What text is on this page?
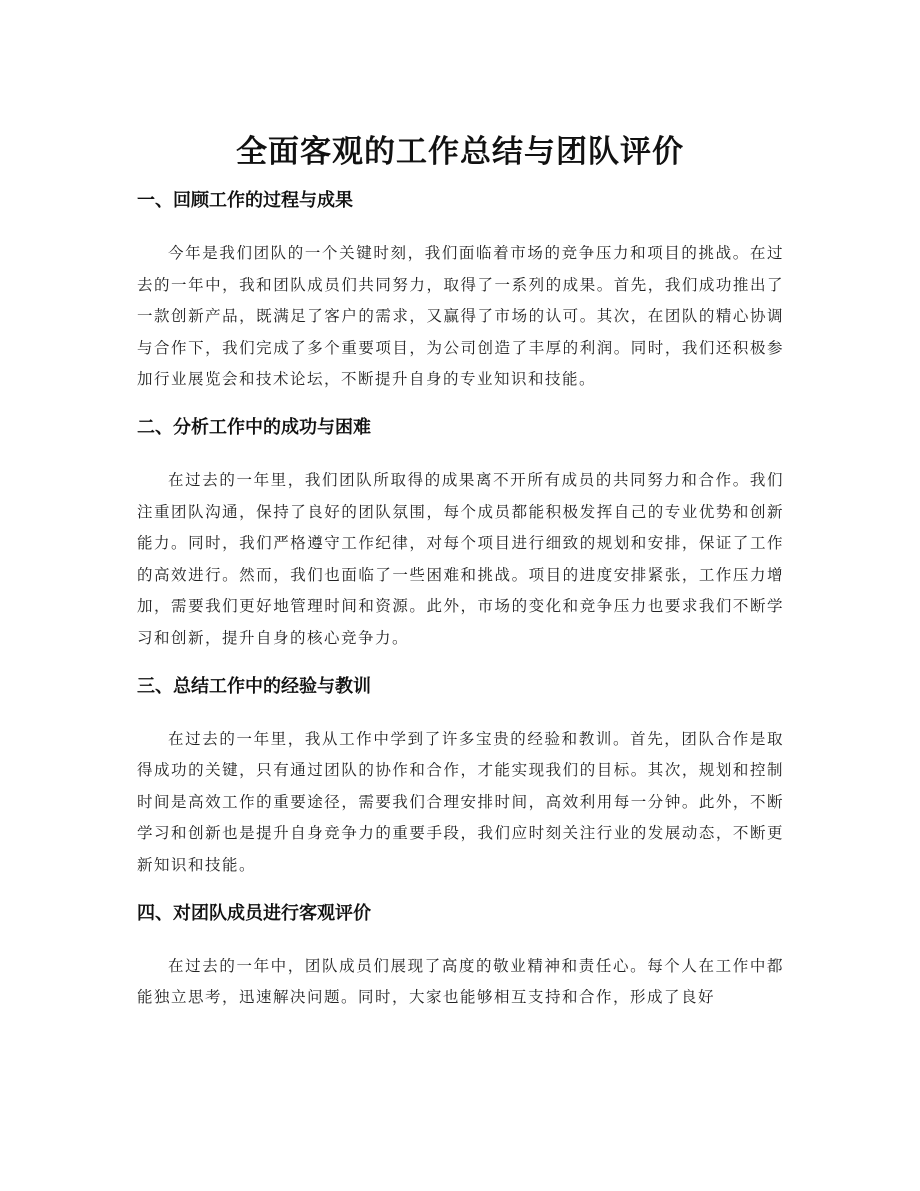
全面客观的工作总结与团队评价
一、回顾工作的过程与成果

今年是我们团队的一个关键时刻，我们面临着市场的竞争压力和项目的挑战。在过去的一年中，我和团队成员们共同努力，取得了一系列的成果。首先，我们成功推出了一款创新产品，既满足了客户的需求，又赢得了市场的认可。其次，在团队的精心协调与合作下，我们完成了多个重要项目，为公司创造了丰厚的利润。同时，我们还积极参加行业展览会和技术论坛，不断提升自身的专业知识和技能。

二、分析工作中的成功与困难

在过去的一年里，我们团队所取得的成果离不开所有成员的共同努力和合作。我们注重团队沟通，保持了良好的团队氛围，每个成员都能积极发挥自己的专业优势和创新能力。同时，我们严格遵守工作纪律，对每个项目进行细致的规划和安排，保证了工作的高效进行。然而，我们也面临了一些困难和挑战。项目的进度安排紧张，工作压力增加，需要我们更好地管理时间和资源。此外，市场的变化和竞争压力也要求我们不断学习和创新，提升自身的核心竞争力。

三、总结工作中的经验与教训

在过去的一年里，我从工作中学到了许多宝贵的经验和教训。首先，团队合作是取得成功的关键，只有通过团队的协作和合作，才能实现我们的目标。其次，规划和控制时间是高效工作的重要途径，需要我们合理安排时间，高效利用每一分钟。此外，不断学习和创新也是提升自身竞争力的重要手段，我们应时刻关注行业的发展动态，不断更新知识和技能。

四、对团队成员进行客观评价

在过去的一年中，团队成员们展现了高度的敬业精神和责任心。每个人在工作中都能独立思考，迅速解决问题。同时，大家也能够相互支持和合作，形成了良好
